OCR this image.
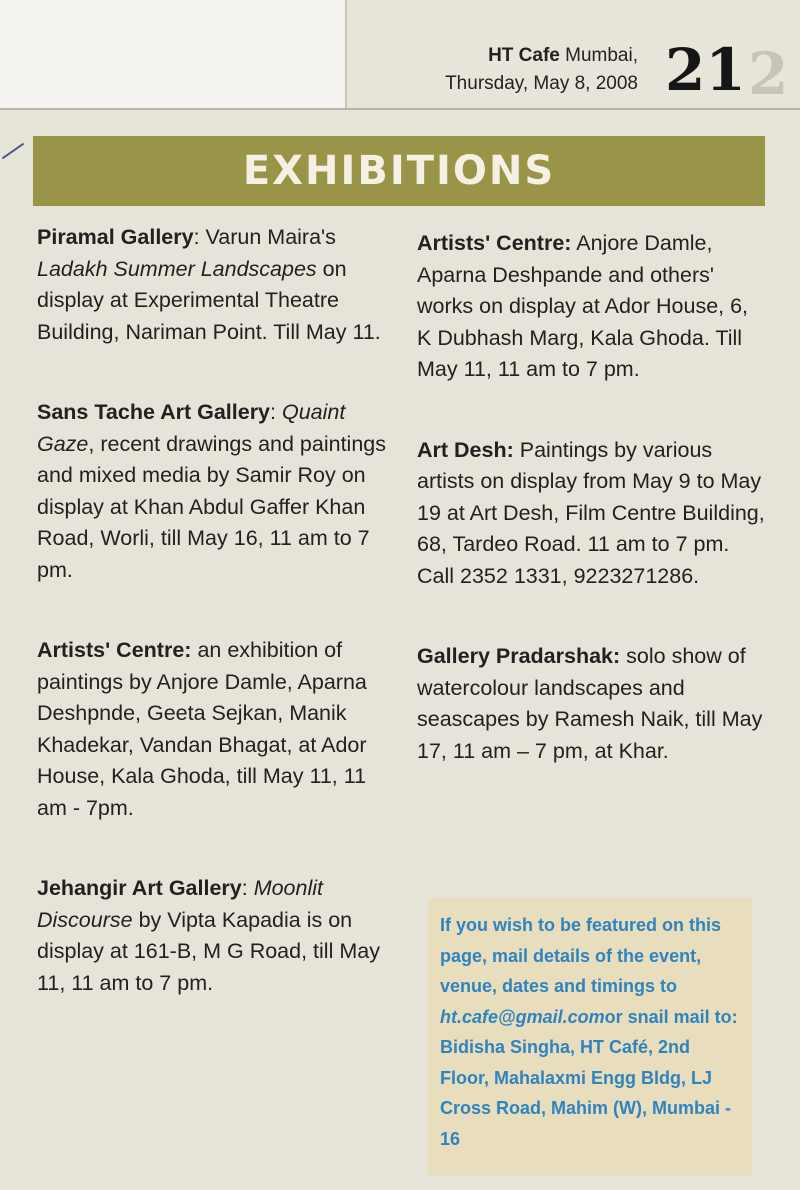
HT Cafe Mumbai,
Thursday, May 8, 2008 21 2
EXHIBITIONS
Piramal Gallery: Varun Maira's Ladakh Summer Landscapes on display at Experimental Theatre Building, Nariman Point. Till May 11.
Sans Tache Art Gallery: Quaint Gaze, recent drawings and paintings and mixed media by Samir Roy on display at Khan Abdul Gaffer Khan Road, Worli, till May 16, 11 am to 7 pm.
Artists' Centre: an exhibition of paintings by Anjore Damle, Aparna Deshpnde, Geeta Sejkan, Manik Khadekar, Vandan Bhagat, at Ador House, Kala Ghoda, till May 11, 11 am - 7pm.
Jehangir Art Gallery: Moonlit Discourse by Vipta Kapadia is on display at 161-B, M G Road, till May 11, 11 am to 7 pm.
Artists' Centre: Anjore Damle, Aparna Deshpande and others' works on display at Ador House, 6, K Dubhash Marg, Kala Ghoda. Till May 11, 11 am to 7 pm.
Art Desh: Paintings by various artists on display from May 9 to May 19 at Art Desh, Film Centre Building, 68, Tardeo Road. 11 am to 7 pm. Call 2352 1331, 9223271286.
Gallery Pradarshak: solo show of watercolour landscapes and seascapes by Ramesh Naik, till May 17, 11 am – 7 pm, at Khar.
If you wish to be featured on this page, mail details of the event, venue, dates and timings to ht.cafe@gmail.comor snail mail to: Bidisha Singha, HT Café, 2nd Floor, Mahalaxmi Engg Bldg, LJ Cross Road, Mahim (W), Mumbai - 16
